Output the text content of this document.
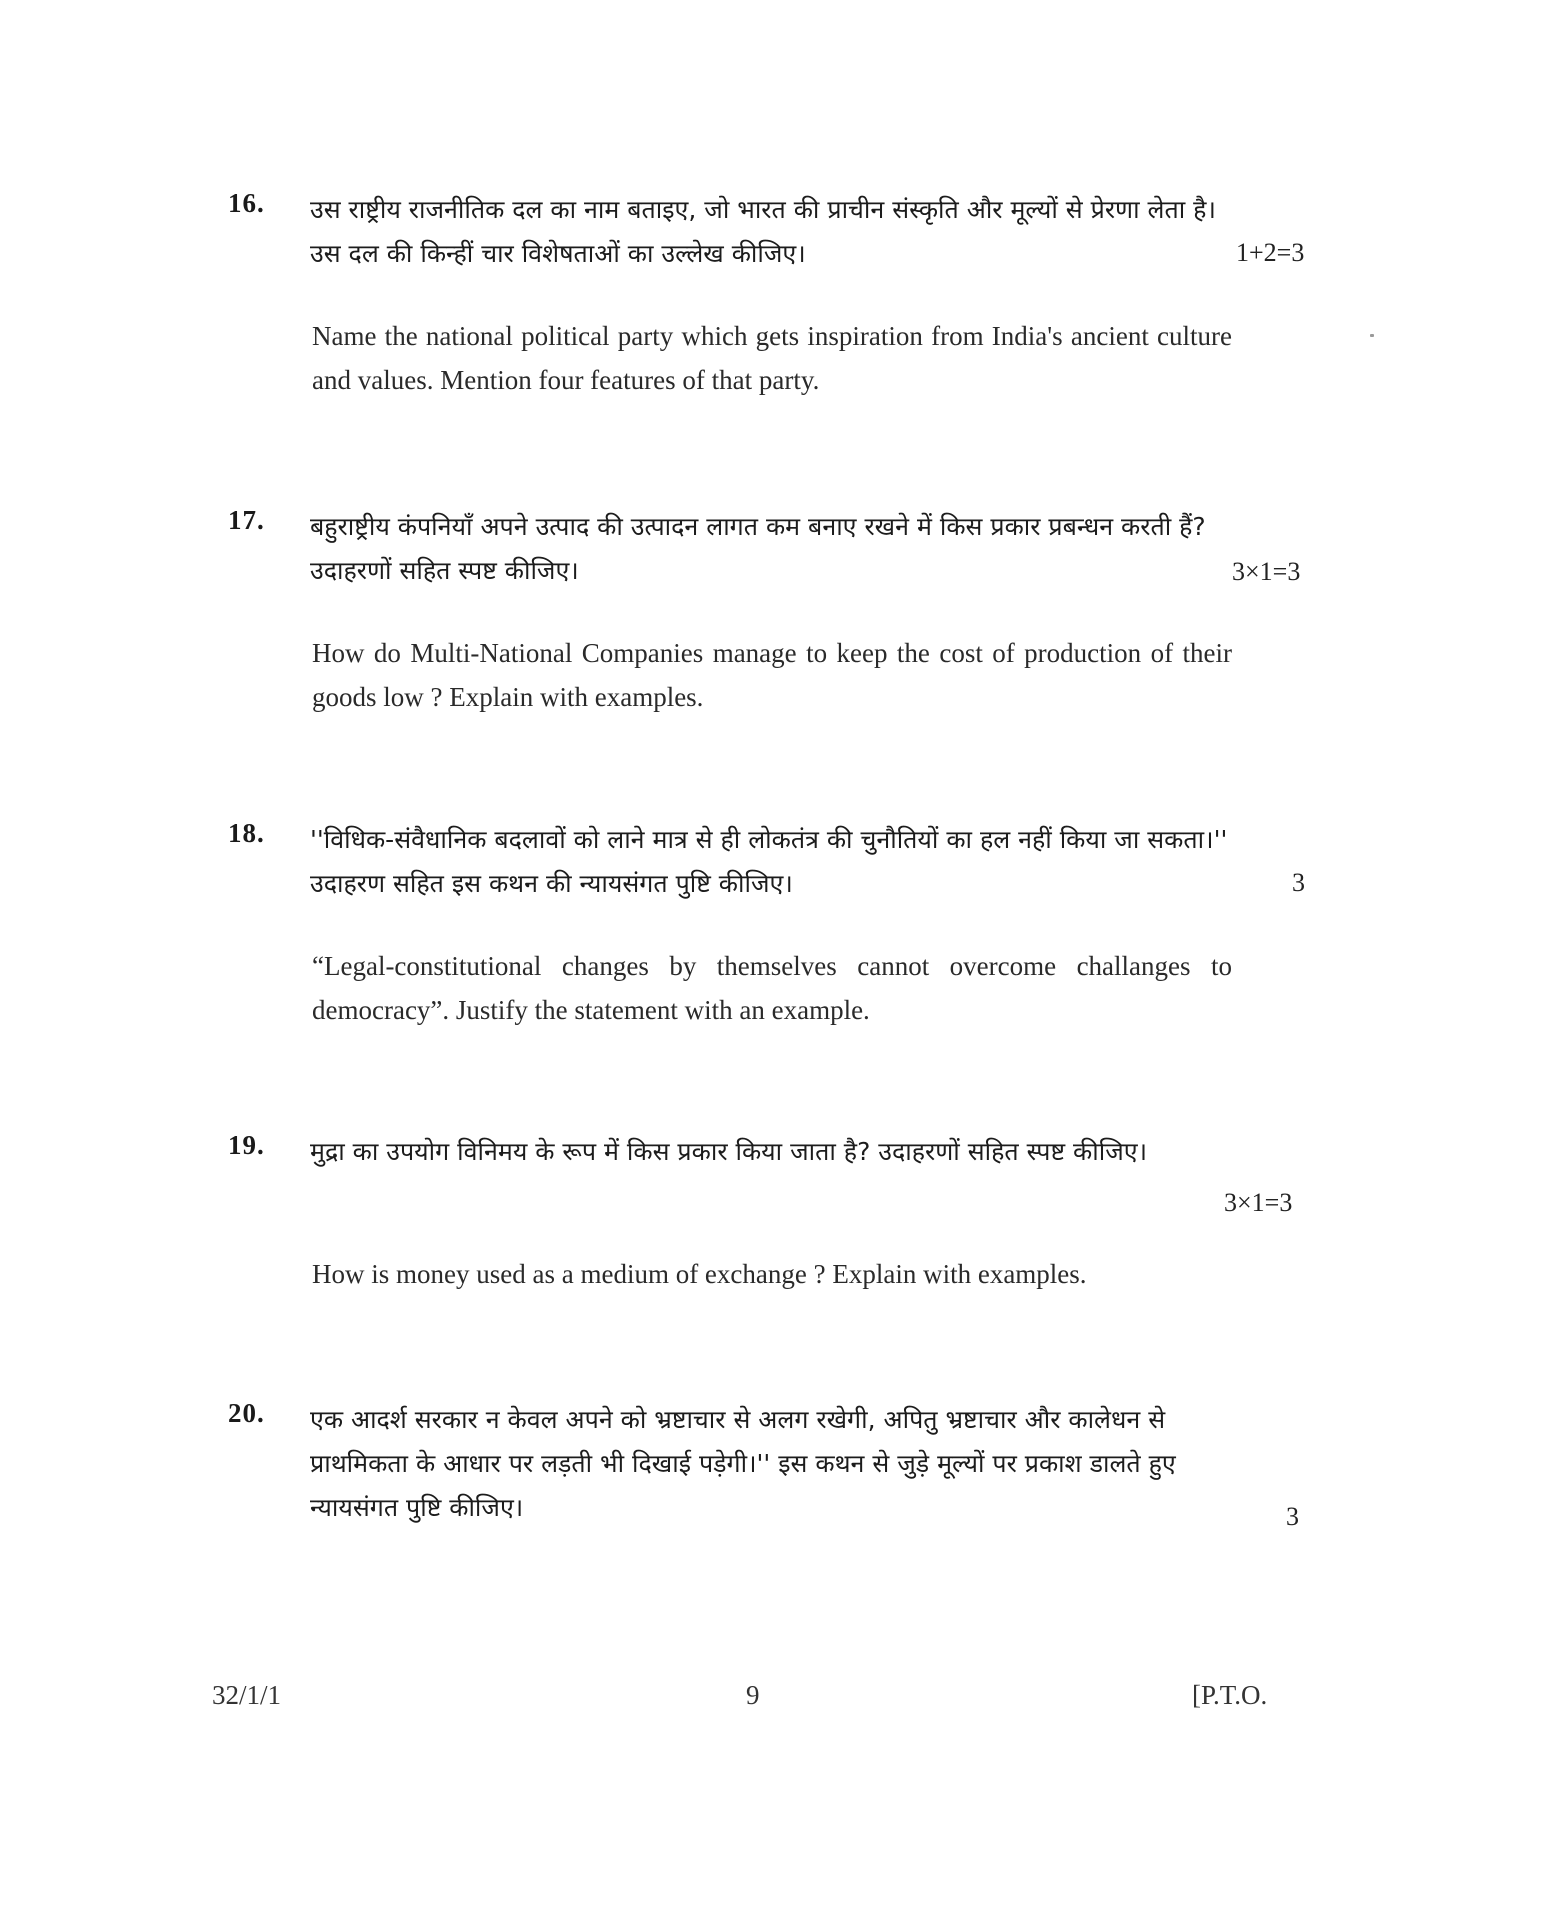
16. उस राष्ट्रीय राजनीतिक दल का नाम बताइए, जो भारत की प्राचीन संस्कृति और मूल्यों से प्रेरणा लेता है। उस दल की किन्हीं चार विशेषताओं का उल्लेख कीजिए।	1+2=3
Name the national political party which gets inspiration from India's ancient culture and values. Mention four features of that party.
17. बहुराष्ट्रीय कंपनियाँ अपने उत्पाद की उत्पादन लागत कम बनाए रखने में किस प्रकार प्रबन्धन करती हैं? उदाहरणों सहित स्पष्ट कीजिए।	3×1=3
How do Multi-National Companies manage to keep the cost of production of their goods low ? Explain with examples.
18. ''विधिक-संवैधानिक बदलावों को लाने मात्र से ही लोकतंत्र की चुनौतियों का हल नहीं किया जा सकता।'' उदाहरण सहित इस कथन की न्यायसंगत पुष्टि कीजिए।	3
“Legal-constitutional changes by themselves cannot overcome challanges to democracy”. Justify the statement with an example.
19. मुद्रा का उपयोग विनिमय के रूप में किस प्रकार किया जाता है? उदाहरणों सहित स्पष्ट कीजिए।
3×1=3
How is money used as a medium of exchange ? Explain with examples.
20. एक आदर्श सरकार न केवल अपने को भ्रष्टाचार से अलग रखेगी, अपितु भ्रष्टाचार और कालेधन से प्राथमिकता के आधार पर लड़ती भी दिखाई पड़ेगी।'' इस कथन से जुड़े मूल्यों पर प्रकाश डालते हुए न्यायसंगत पुष्टि कीजिए।	3
32/1/1	9	[P.T.O.
